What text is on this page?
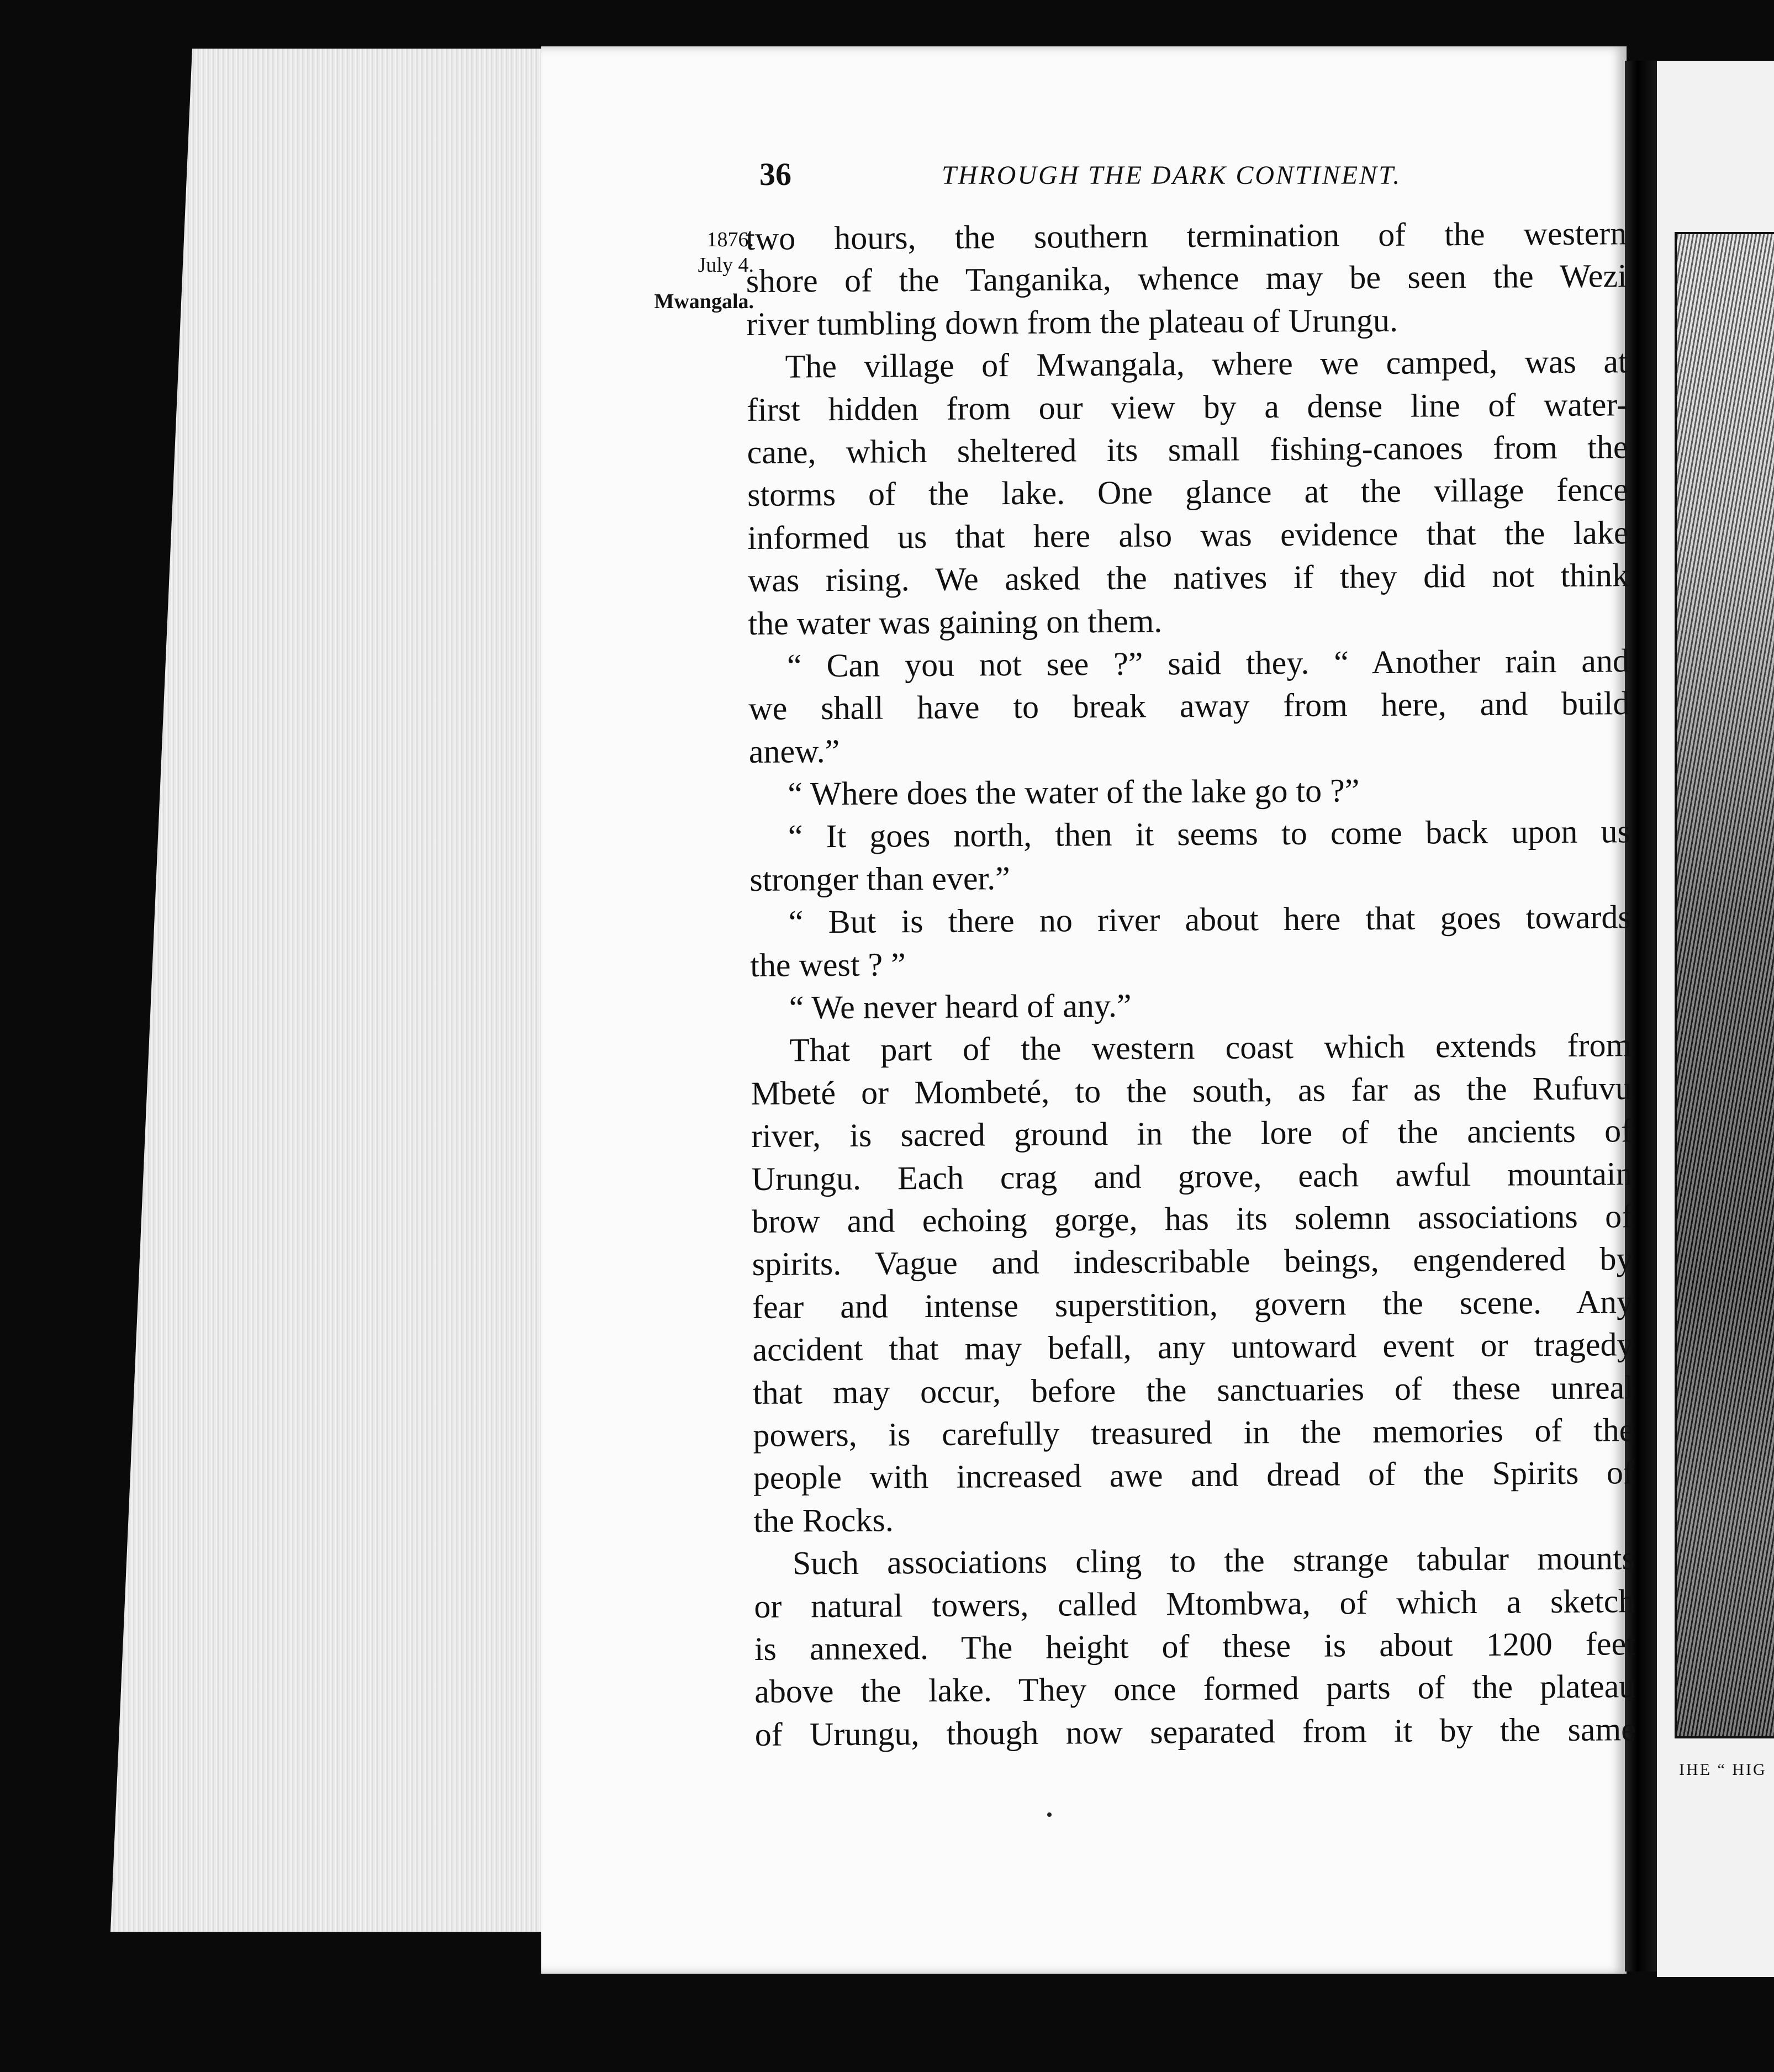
IHE “ HIG
36	THROUGH THE DARK CONTINENT.
1876.
July 4.
Mwangala.
two hours, the southern termination of the western
shore of the Tanganika, whence may be seen the Wezi
river tumbling down from the plateau of Urungu.
The village of Mwangala, where we camped, was at
first hidden from our view by a dense line of water-
cane, which sheltered its small fishing-canoes from the
storms of the lake. One glance at the village fence
informed us that here also was evidence that the lake
was rising. We asked the natives if they did not think
the water was gaining on them.
“ Can you not see ?” said they. “ Another rain and
we shall have to break away from here, and build
anew.”
“ Where does the water of the lake go to ?”
“ It goes north, then it seems to come back upon us
stronger than ever.”
“ But is there no river about here that goes towards
the west ? ”
“ We never heard of any.”
That part of the western coast which extends from
Mbeté or Mombeté, to the south, as far as the Rufuvu
river, is sacred ground in the lore of the ancients of
Urungu. Each crag and grove, each awful mountain
brow and echoing gorge, has its solemn associations of
spirits. Vague and indescribable beings, engendered by
fear and intense superstition, govern the scene. Any
accident that may befall, any untoward event or tragedy
that may occur, before the sanctuaries of these unreal
powers, is carefully treasured in the memories of the
people with increased awe and dread of the Spirits of
the Rocks.
Such associations cling to the strange tabular mounts
or natural towers, called Mtombwa, of which a sketch
is annexed. The height of these is about 1200 feet
above the lake. They once formed parts of the plateau
of Urungu, though now separated from it by the same
